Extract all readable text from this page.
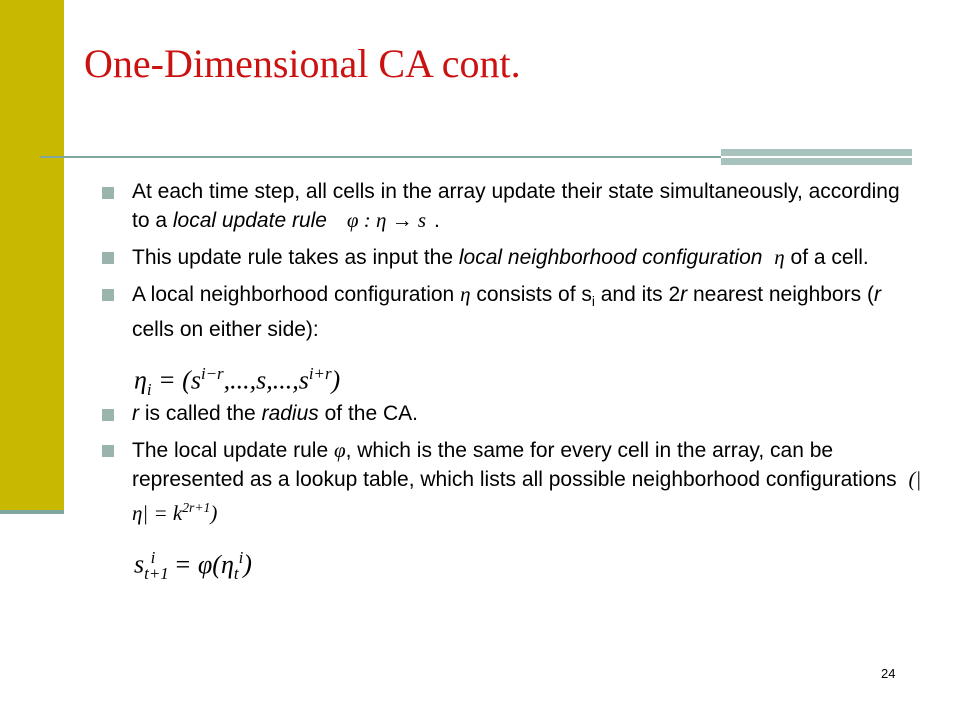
One-Dimensional CA cont.
At each time step, all cells in the array update their state simultaneously, according to a local update rule φ : η → s .
This update rule takes as input the local neighborhood configuration η of a cell.
A local neighborhood configuration η consists of $s_i$ and its 2r nearest neighbors (r cells on either side):
$\eta_i = (s^{i-r},...,s,...,s^{i+r})$
r is called the radius of the CA.
The local update rule φ, which is the same for every cell in the array, can be represented as a lookup table, which lists all possible neighborhood configurations $(|\eta| = k^{2r+1})$
$s_{t+1}^i = \varphi(\eta_t^i)$
24
